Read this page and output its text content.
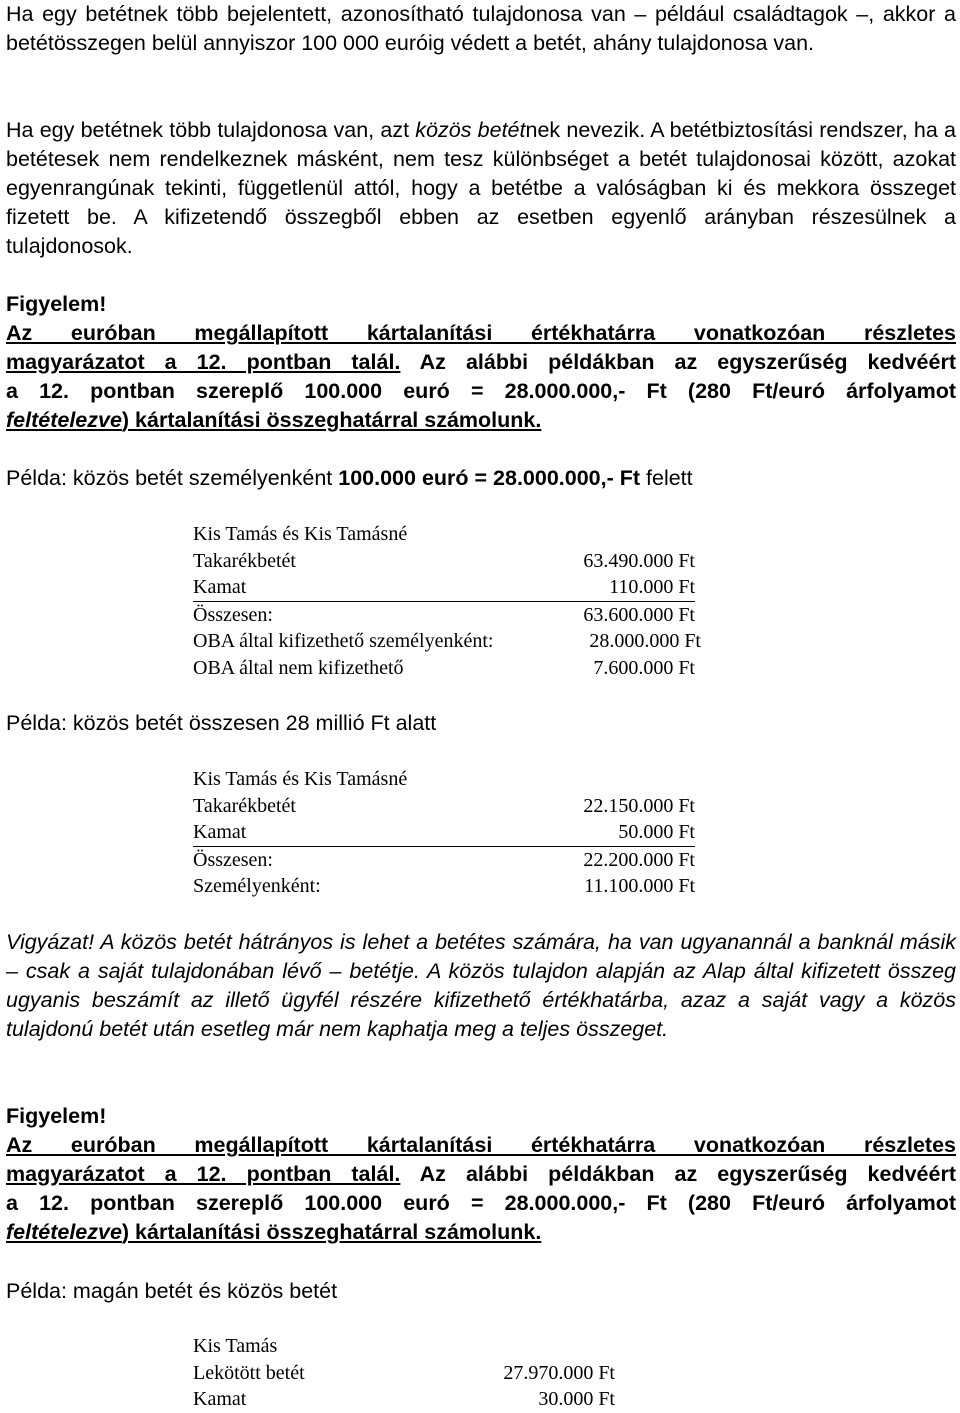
Ha egy betétnek több bejelentett, azonosítható tulajdonosa van – például családtagok –, akkor a betétösszegen belül annyiszor 100 000 euróig védett a betét, ahány tulajdonosa van.

Ha egy betétnek több tulajdonosa van, azt közös betétnek nevezik. A betétbiztosítási rendszer, ha a betétesek nem rendelkeznek másként, nem tesz különbséget a betét tulajdonosai között, azokat egyenrangúnak tekinti, függetlenül attól, hogy a betétbe a valóságban ki és mekkora összeget fizetett be. A kifizetendő összegből ebben az esetben egyenlő arányban részesülnek a tulajdonosok.

Figyelem!
Az euróban megállapított kártalanítási értékhatárra vonatkozóan részletes
magyarázatot a 12. pontban talál. Az alábbi példákban az egyszerűség kedvéért
a 12. pontban szereplő 100.000 euró = 28.000.000,- Ft (280 Ft/euró árfolyamot
feltételezve) kártalanítási összeghatárral számolunk.
Példa: közös betét személyenként 100.000 euró = 28.000.000,- Ft felett
Kis Tamás és Kis Tamásné
Takarékbetét	63.490.000 Ft
Kamat	110.000 Ft
Összesen:	63.600.000 Ft
OBA által kifizethető személyenként:	28.000.000 Ft
OBA által nem kifizethető	7.600.000 Ft
Példa: közös betét összesen 28 millió Ft alatt
Kis Tamás és Kis Tamásné
Takarékbetét	22.150.000 Ft
Kamat	50.000 Ft
Összesen:	22.200.000 Ft
Személyenként:	11.100.000 Ft

Vigyázat! A közös betét hátrányos is lehet a betétes számára, ha van ugyanannál a banknál másik – csak a saját tulajdonában lévő – betétje. A közös tulajdon alapján az Alap által kifizetett összeg ugyanis beszámít az illető ügyfél részére kifizethető értékhatárba, azaz a saját vagy a közös tulajdonú betét után esetleg már nem kaphatja meg a teljes összeget.

Figyelem!
Az euróban megállapított kártalanítási értékhatárra vonatkozóan részletes
magyarázatot a 12. pontban talál. Az alábbi példákban az egyszerűség kedvéért
a 12. pontban szereplő 100.000 euró = 28.000.000,- Ft (280 Ft/euró árfolyamot
feltételezve) kártalanítási összeghatárral számolunk.
Példa: magán betét és közös betét
Kis Tamás
Lekötött betét	27.970.000 Ft
Kamat	30.000 Ft
